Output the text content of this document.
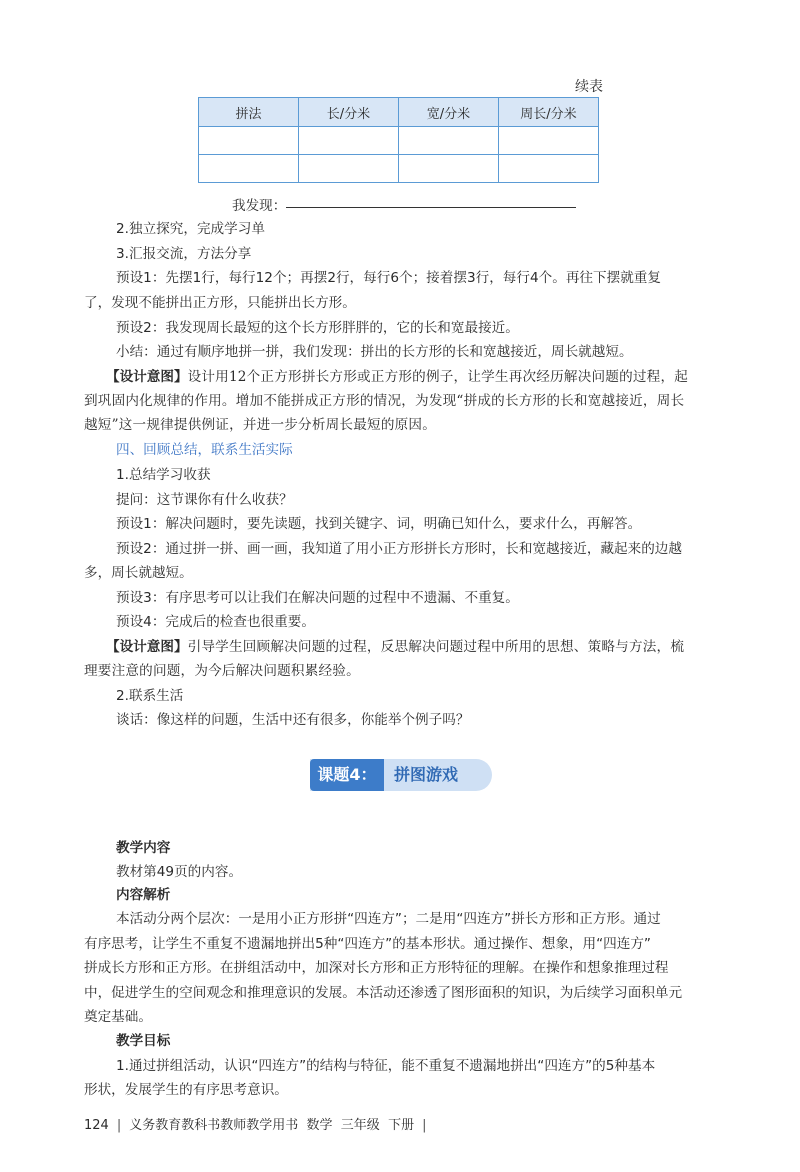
续表
拼法	长/分米	宽/分米	周长/分米

我发现：
2.独立探究，完成学习单
3.汇报交流，方法分享
预设1：先摆1行，每行12个；再摆2行，每行6个；接着摆3行，每行4个。再往下摆就重复
了，发现不能拼出正方形，只能拼出长方形。
预设2：我发现周长最短的这个长方形胖胖的，它的长和宽最接近。
小结：通过有顺序地拼一拼，我们发现：拼出的长方形的长和宽越接近，周长就越短。
【设计意图】设计用12个正方形拼长方形或正方形的例子，让学生再次经历解决问题的过程，起
到巩固内化规律的作用。增加不能拼成正方形的情况，为发现“拼成的长方形的长和宽越接近，周长
越短”这一规律提供例证，并进一步分析周长最短的原因。
四、回顾总结，联系生活实际
1.总结学习收获
提问：这节课你有什么收获？
预设1：解决问题时，要先读题，找到关键字、词，明确已知什么，要求什么，再解答。
预设2：通过拼一拼、画一画，我知道了用小正方形拼长方形时，长和宽越接近，藏起来的边越
多，周长就越短。
预设3：有序思考可以让我们在解决问题的过程中不遗漏、不重复。
预设4：完成后的检查也很重要。
【设计意图】引导学生回顾解决问题的过程，反思解决问题过程中所用的思想、策略与方法，梳
理要注意的问题，为今后解决问题积累经验。
2.联系生活
谈话：像这样的问题，生活中还有很多，你能举个例子吗？
课题4：	拼图游戏
教学内容
教材第49页的内容。
内容解析
本活动分两个层次：一是用小正方形拼“四连方”；二是用“四连方”拼长方形和正方形。通过
有序思考，让学生不重复不遗漏地拼出5种“四连方”的基本形状。通过操作、想象，用“四连方”
拼成长方形和正方形。在拼组活动中，加深对长方形和正方形特征的理解。在操作和想象推理过程
中，促进学生的空间观念和推理意识的发展。本活动还渗透了图形面积的知识，为后续学习面积单元
奠定基础。
教学目标
1.通过拼组活动，认识“四连方”的结构与特征，能不重复不遗漏地拼出“四连方”的5种基本
形状，发展学生的有序思考意识。
124 | 义务教育教科书教师教学用书 数学 三年级 下册 |
